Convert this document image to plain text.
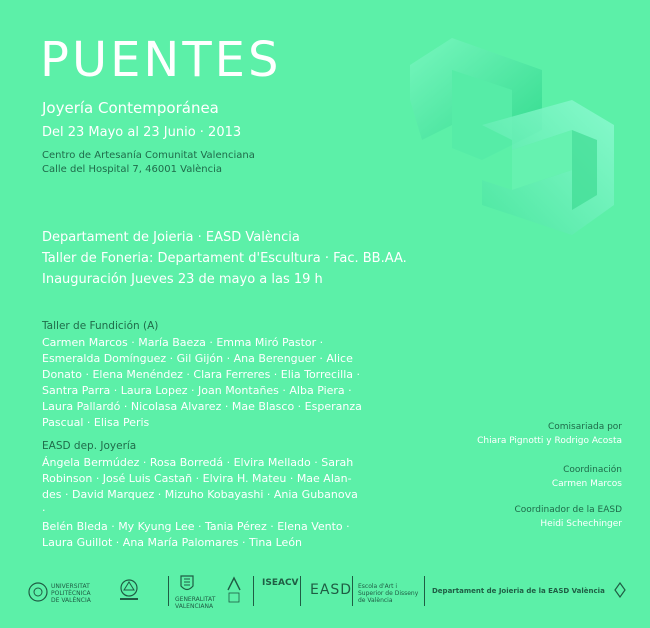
PUENTES
Joyería Contemporánea
Del 23 Mayo al 23 Junio · 2013
Centro de Artesanía Comunitat Valenciana
Calle del Hospital 7, 46001 València
Departament de Joieria · EASD València
Taller de Foneria: Departament d'Escultura · Fac. BB.AA.
Inauguración Jueves 23 de mayo a las 19 h
Taller de Fundición (A)
Carmen Marcos · María Baeza · Emma Miró Pastor ·
Esmeralda Domínguez · Gil Gijón · Ana Berenguer · Alice
Donato · Elena Menéndez · Clara Ferreres · Elia Torrecilla ·
Santra Parra · Laura Lopez · Joan Montañes · Alba Piera ·
Laura Pallardó · Nicolasa Alvarez · Mae Blasco · Esperanza
Pascual · Elisa Peris
EASD dep. Joyería
Ángela Bermúdez · Rosa Borredá · Elvira Mellado · Sarah
Robinson · José Luis Castañ · Elvira H. Mateu · Mae Alan-
des · David Marquez · Mizuho Kobayashi · Ania Gubanova ·
Belén Bleda · My Kyung Lee · Tania Pérez · Elena Vento ·
Laura Guillot · Ana María Palomares · Tina León
Comisariada por
Chiara Pignotti y Rodrigo Acosta
Coordinación
Carmen Marcos
Coordinador de la EASD
Heidi Schechinger
UNIVERSITAT POLITÈCNICA DE VALÈNCIA	GENERALITAT VALENCIANA
ISEACV EASD Escola d'Art i Superior de Disseny de València
Departament de Joieria de la EASD València
